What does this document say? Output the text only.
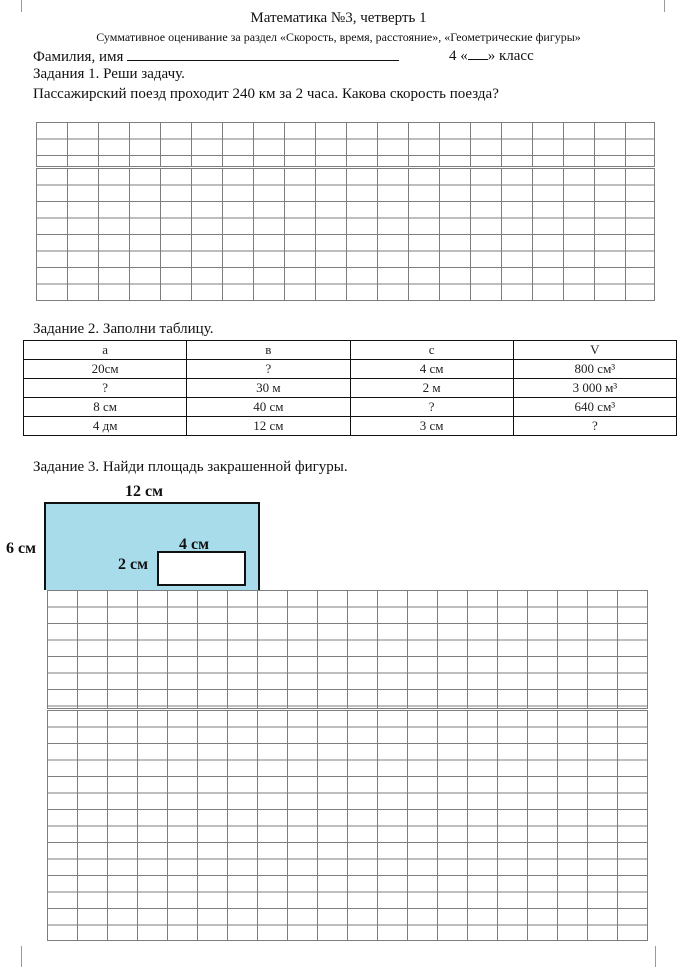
Математика №3, четверть 1
Суммативное оценивание за раздел «Скорость, время, расстояние», «Геометрические фигуры»
Фамилия, имя	4 « » класс
Задания 1. Реши задачу.
Пассажирский поезд проходит 240 км за 2 часа. Какова скорость поезда?
Задание 2. Заполни таблицу.
а	в	с	V
20см	?	4 см	800 см³
?	30 м	2 м	3 000 м³
8 см	40 см	?	640 см³
4 дм	12 см	3 см	?
Задание 3. Найди площадь закрашенной фигуры.
12 см
6 см	4 см
2 см
